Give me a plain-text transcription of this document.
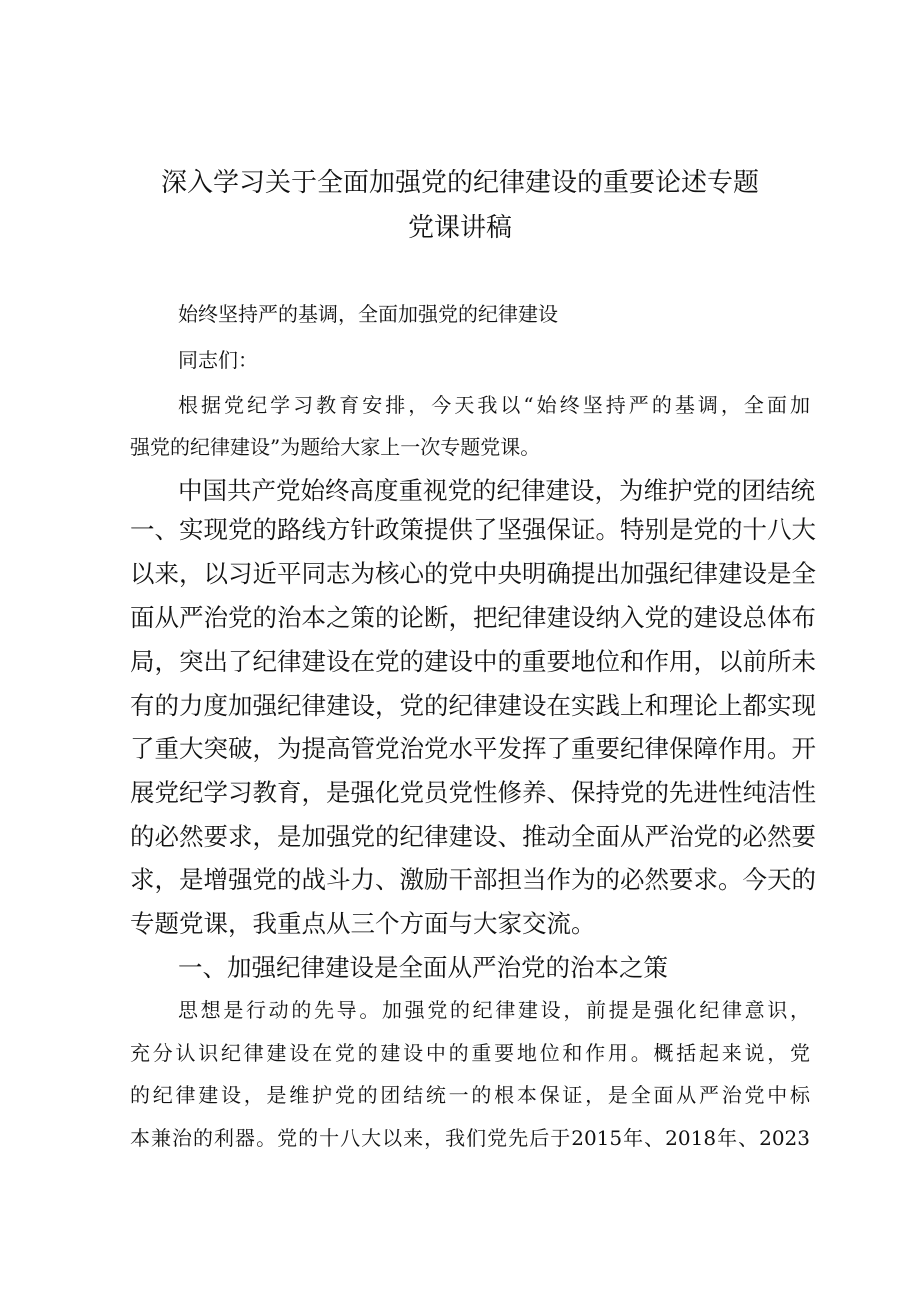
深入学习关于全面加强党的纪律建设的重要论述专题
党课讲稿
始终坚持严的基调，全面加强党的纪律建设
同志们：
根据党纪学习教育安排，今天我以“始终坚持严的基调，全面加
强党的纪律建设”为题给大家上一次专题党课。
中国共产党始终高度重视党的纪律建设，为维护党的团结统
一、实现党的路线方针政策提供了坚强保证。特别是党的十八大
以来，以习近平同志为核心的党中央明确提出加强纪律建设是全
面从严治党的治本之策的论断，把纪律建设纳入党的建设总体布
局，突出了纪律建设在党的建设中的重要地位和作用，以前所未
有的力度加强纪律建设，党的纪律建设在实践上和理论上都实现
了重大突破，为提高管党治党水平发挥了重要纪律保障作用。开
展党纪学习教育，是强化党员党性修养、保持党的先进性纯洁性
的必然要求，是加强党的纪律建设、推动全面从严治党的必然要
求，是增强党的战斗力、激励干部担当作为的必然要求。今天的
专题党课，我重点从三个方面与大家交流。
一、加强纪律建设是全面从严治党的治本之策
思想是行动的先导。加强党的纪律建设，前提是强化纪律意识，
充分认识纪律建设在党的建设中的重要地位和作用。概括起来说，党
的纪律建设，是维护党的团结统一的根本保证，是全面从严治党中标
本兼治的利器。党的十八大以来，我们党先后于2015年、2018年、2023
